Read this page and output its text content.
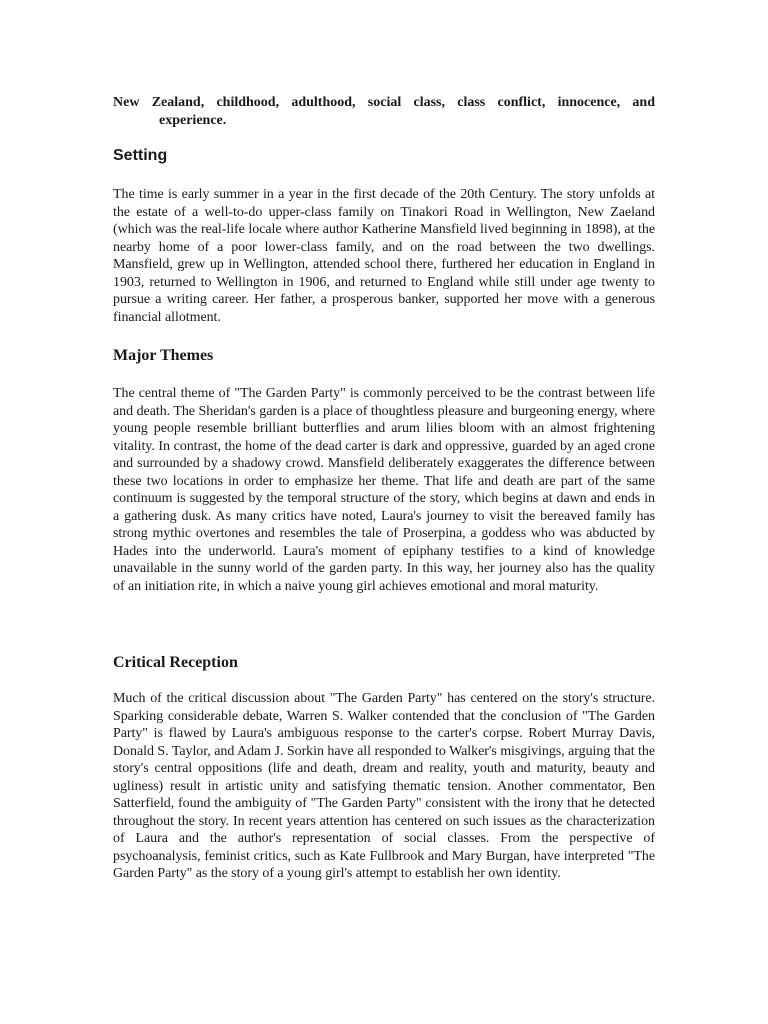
New Zealand, childhood, adulthood, social class, class conflict, innocence, and
experience.
Setting

The time is early summer in a year in the first decade of the 20th Century. The story unfolds at the estate of a well-to-do upper-class family on Tinakori Road in Wellington, New Zaeland (which was the real-life locale where author Katherine Mansfield lived beginning in 1898), at the nearby home of a poor lower-class family, and on the road between the two dwellings. Mansfield, grew up in Wellington, attended school there, furthered her education in England in 1903, returned to Wellington in 1906, and returned to England while still under age twenty to pursue a writing career. Her father, a prosperous banker, supported her move with a generous financial allotment.

Major Themes

The central theme of "The Garden Party" is commonly perceived to be the contrast between life and death. The Sheridan's garden is a place of thoughtless pleasure and burgeoning energy, where young people resemble brilliant butterflies and arum lilies bloom with an almost frightening vitality. In contrast, the home of the dead carter is dark and oppressive, guarded by an aged crone and surrounded by a shadowy crowd. Mansfield deliberately exaggerates the difference between these two locations in order to emphasize her theme. That life and death are part of the same continuum is suggested by the temporal structure of the story, which begins at dawn and ends in a gathering dusk. As many critics have noted, Laura's journey to visit the bereaved family has strong mythic overtones and resembles the tale of Proserpina, a goddess who was abducted by Hades into the underworld. Laura's moment of epiphany testifies to a kind of knowledge unavailable in the sunny world of the garden party. In this way, her journey also has the quality of an initiation rite, in which a naive young girl achieves emotional and moral maturity.

Critical Reception

Much of the critical discussion about "The Garden Party" has centered on the story's structure. Sparking considerable debate, Warren S. Walker contended that the conclusion of "The Garden Party" is flawed by Laura's ambiguous response to the carter's corpse. Robert Murray Davis, Donald S. Taylor, and Adam J. Sorkin have all responded to Walker's misgivings, arguing that the story's central oppositions (life and death, dream and reality, youth and maturity, beauty and ugliness) result in artistic unity and satisfying thematic tension. Another commentator, Ben Satterfield, found the ambiguity of "The Garden Party" consistent with the irony that he detected throughout the story. In recent years attention has centered on such issues as the characterization of Laura and the author's representation of social classes. From the perspective of psychoanalysis, feminist critics, such as Kate Fullbrook and Mary Burgan, have interpreted "The Garden Party" as the story of a young girl's attempt to establish her own identity.
